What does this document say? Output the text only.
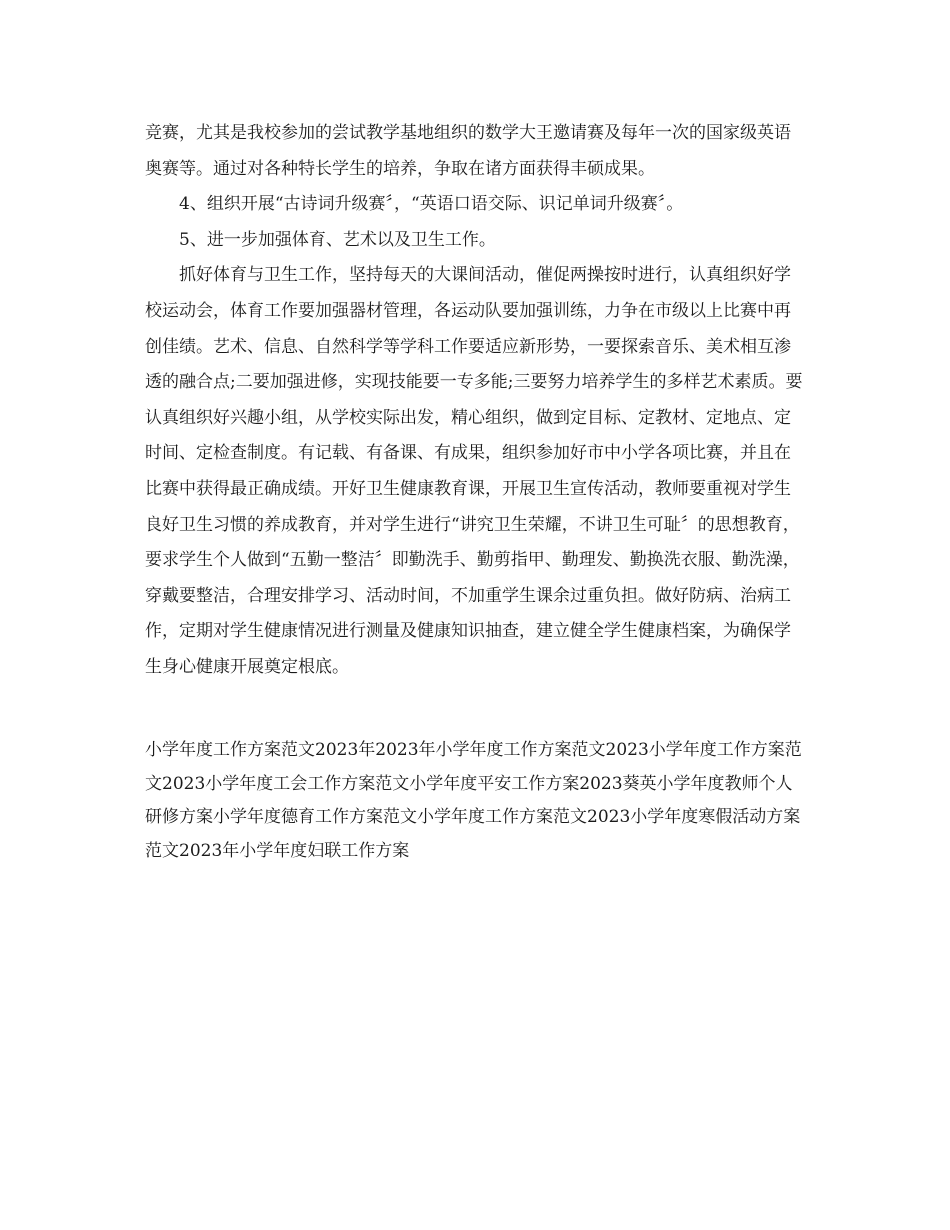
竞赛，尤其是我校参加的尝试教学基地组织的数学大王邀请赛及每年一次的国家级英语奥赛等。通过对各种特长学生的培养，争取在诸方面获得丰硕成果。

4、组织开展“古诗词升级赛〞，“英语口语交际、识记单词升级赛〞。

5、进一步加强体育、艺术以及卫生工作。

抓好体育与卫生工作，坚持每天的大课间活动，催促两操按时进行，认真组织好学校运动会，体育工作要加强器材管理，各运动队要加强训练，力争在市级以上比赛中再创佳绩。艺术、信息、自然科学等学科工作要适应新形势，一要探索音乐、美术相互渗透的融合点;二要加强进修，实现技能要一专多能;三要努力培养学生的多样艺术素质。要认真组织好兴趣小组，从学校实际出发，精心组织，做到定目标、定教材、定地点、定时间、定检查制度。有记载、有备课、有成果，组织参加好市中小学各项比赛，并且在比赛中获得最正确成绩。开好卫生健康教育课，开展卫生宣传活动，教师要重视对学生良好卫生习惯的养成教育，并对学生进行“讲究卫生荣耀，不讲卫生可耻〞的思想教育，要求学生个人做到“五勤一整洁〞即勤洗手、勤剪指甲、勤理发、勤换洗衣服、勤洗澡，穿戴要整洁，合理安排学习、活动时间，不加重学生课余过重负担。做好防病、治病工作，定期对学生健康情况进行测量及健康知识抽查，建立健全学生健康档案，为确保学生身心健康开展奠定根底。

小学年度工作方案范文2023年2023年小学年度工作方案范文2023小学年度工作方案范文2023小学年度工会工作方案范文小学年度平安工作方案2023葵英小学年度教师个人研修方案小学年度德育工作方案范文小学年度工作方案范文2023小学年度寒假活动方案范文2023年小学年度妇联工作方案
